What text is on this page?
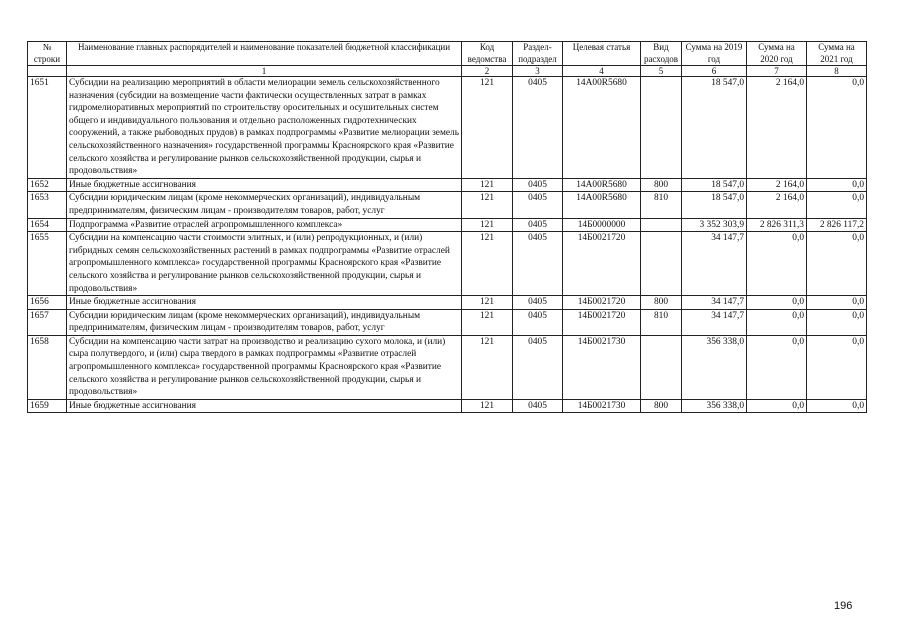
№ строки	Наименование главных распорядителей и наименование показателей бюджетной классификации	Код ведомства	Раздел-подраздел	Целевая статья	Вид расходов	Сумма на 2019 год	Сумма на 2020 год	Сумма на 2021 год
	1	2	3	4	5	6	7	8
1651	Субсидии на реализацию мероприятий в области мелиорации земель сельскохозяйственного назначения (субсидии на возмещение части фактически осуществленных затрат в рамках гидромелиоративных мероприятий по строительству оросительных и осушительных систем общего и индивидуального пользования и отдельно расположенных гидротехнических сооружений, а также рыбоводных прудов) в рамках подпрограммы «Развитие мелиорации земель сельскохозяйственного назначения» государственной программы Красноярского края «Развитие сельского хозяйства и регулирование рынков сельскохозяйственной продукции, сырья и продовольствия»	121	0405	14А00R5680		18 547,0	2 164,0	0,0
1652	Иные бюджетные ассигнования	121	0405	14А00R5680	800	18 547,0	2 164,0	0,0
1653	Субсидии юридическим лицам (кроме некоммерческих организаций), индивидуальным предпринимателям, физическим лицам - производителям товаров, работ, услуг	121	0405	14А00R5680	810	18 547,0	2 164,0	0,0
1654	Подпрограмма «Развитие отраслей агропромышленного комплекса»	121	0405	14Б0000000		3 352 303,9	2 826 311,3	2 826 117,2
1655	Субсидии на компенсацию части стоимости элитных, и (или) репродукционных, и (или) гибридных семян сельскохозяйственных растений в рамках подпрограммы «Развитие отраслей агропромышленного комплекса» государственной программы Красноярского края «Развитие сельского хозяйства и регулирование рынков сельскохозяйственной продукции, сырья и продовольствия»	121	0405	14Б0021720		34 147,7	0,0	0,0
1656	Иные бюджетные ассигнования	121	0405	14Б0021720	800	34 147,7	0,0	0,0
1657	Субсидии юридическим лицам (кроме некоммерческих организаций), индивидуальным предпринимателям, физическим лицам - производителям товаров, работ, услуг	121	0405	14Б0021720	810	34 147,7	0,0	0,0
1658	Субсидии на компенсацию части затрат на производство и реализацию сухого молока, и (или) сыра полутвердого, и (или) сыра твердого в рамках подпрограммы «Развитие отраслей агропромышленного комплекса» государственной программы Красноярского края «Развитие сельского хозяйства и регулирование рынков сельскохозяйственной продукции, сырья и продовольствия»	121	0405	14Б0021730		356 338,0	0,0	0,0
1659	Иные бюджетные ассигнования	121	0405	14Б0021730	800	356 338,0	0,0	0,0
196
